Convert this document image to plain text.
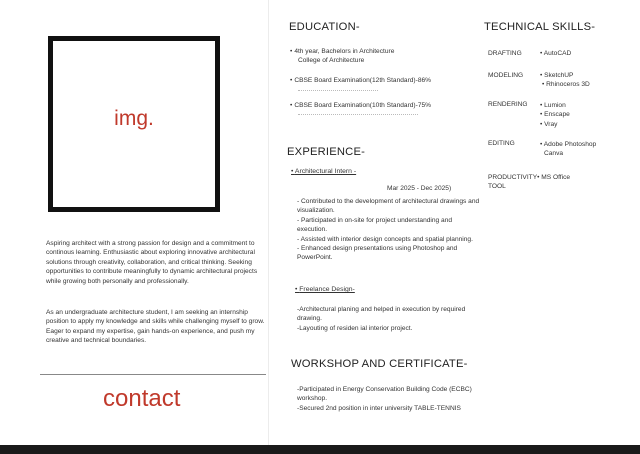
img.
Aspiring architect with a strong passion for design and a commitment to continous learning. Enthusiastic about exploring innovative architectural solutions through creativity, collaboration, and critical thinking. Seeking opportunities to contribute meaningfully to dynamic architectural projects while growing both personally and professionally.
As an undergraduate architecture student, I am seeking an internship position to apply my knowledge and skills while challenging myself to grow. Eager to expand my expertise, gain hands-on experience, and push my creative and technical boundaries.
contact
EDUCATION-
• 4th year, Bachelors in Architecture
College of Architecture
• CBSE Board Examination(12th Standard)-86%
• CBSE Board Examination(10th Standard)-75%
EXPERIENCE-
• Architectural Intern -
Mar 2025 - Dec 2025)
- Contributed to the development of architectural drawings and visualization.
- Participated in on-site for project understanding and execution.
- Assisted with interior design concepts and spatial planning.
- Enhanced design presentations using Photoshop and PowerPoint.
• Freelance Design-
-Architectural planing and helped in execution by required drawing.
-Layouting of residen ial interior project.
WORKSHOP AND CERTIFICATE-
-Participated in Energy Conservation Building Code (ECBC) workshop.
-Secured 2nd position in inter university TABLE-TENNIS
TECHNICAL SKILLS-
DRAFTING	• AutoCAD
MODELING	• SketchUP
• Rhinoceros 3D
RENDERING • Lumion
• Enscape
• Vray
EDITING	• Adobe Photoshop
Canva
PRODUCTIVITY• MS Office
TOOL
